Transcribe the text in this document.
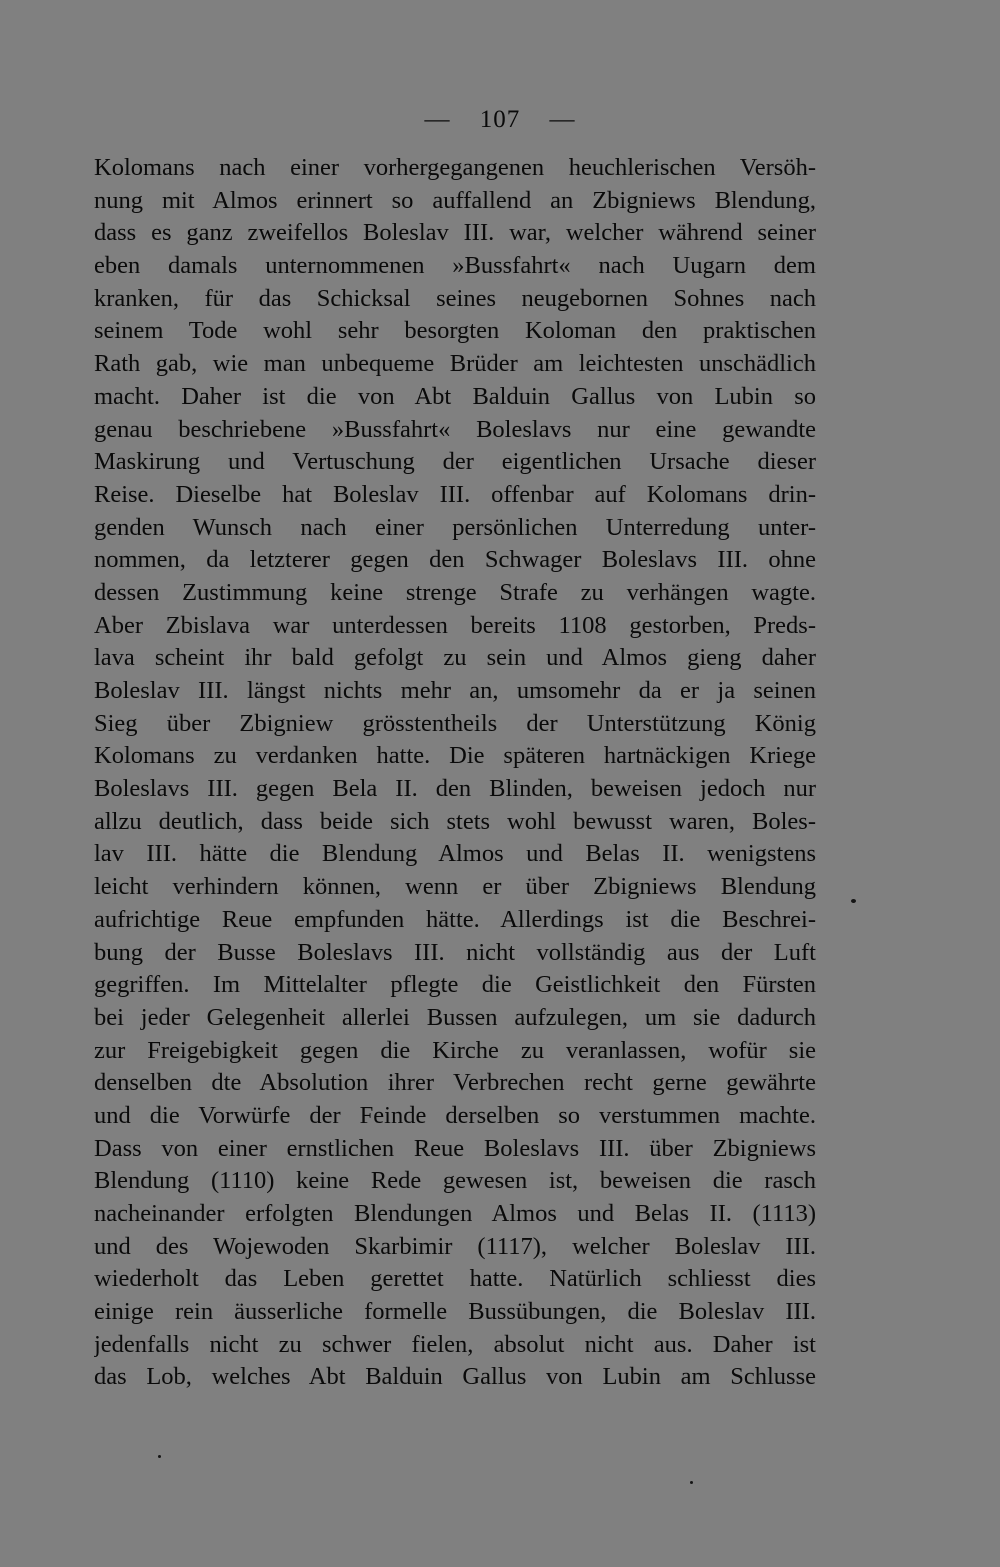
— 107 —
Kolomans nach einer vorhergegangenen heuchlerischen Versöh-
nung mit Almos erinnert so auffallend an Zbigniews Blendung,
dass es ganz zweifellos Boleslav III. war, welcher während seiner
eben damals unternommenen »Bussfahrt« nach Uugarn dem
kranken, für das Schicksal seines neugebornen Sohnes nach
seinem Tode wohl sehr besorgten Koloman den praktischen
Rath gab, wie man unbequeme Brüder am leichtesten unschädlich
macht. Daher ist die von Abt Balduin Gallus von Lubin so
genau beschriebene »Bussfahrt« Boleslavs nur eine gewandte
Maskirung und Vertuschung der eigentlichen Ursache dieser
Reise. Dieselbe hat Boleslav III. offenbar auf Kolomans drin-
genden Wunsch nach einer persönlichen Unterredung unter-
nommen, da letzterer gegen den Schwager Boleslavs III. ohne
dessen Zustimmung keine strenge Strafe zu verhängen wagte.
Aber Zbislava war unterdessen bereits 1108 gestorben, Preds-
lava scheint ihr bald gefolgt zu sein und Almos gieng daher
Boleslav III. längst nichts mehr an, umsomehr da er ja seinen
Sieg über Zbigniew grösstentheils der Unterstützung König
Kolomans zu verdanken hatte. Die späteren hartnäckigen Kriege
Boleslavs III. gegen Bela II. den Blinden, beweisen jedoch nur
allzu deutlich, dass beide sich stets wohl bewusst waren, Boles-
lav III. hätte die Blendung Almos und Belas II. wenigstens
leicht verhindern können, wenn er über Zbigniews Blendung
aufrichtige Reue empfunden hätte. Allerdings ist die Beschrei-
bung der Busse Boleslavs III. nicht vollständig aus der Luft
gegriffen. Im Mittelalter pflegte die Geistlichkeit den Fürsten
bei jeder Gelegenheit allerlei Bussen aufzulegen, um sie dadurch
zur Freigebigkeit gegen die Kirche zu veranlassen, wofür sie
denselben dte Absolution ihrer Verbrechen recht gerne gewährte
und die Vorwürfe der Feinde derselben so verstummen machte.
Dass von einer ernstlichen Reue Boleslavs III. über Zbigniews
Blendung (1110) keine Rede gewesen ist, beweisen die rasch
nacheinander erfolgten Blendungen Almos und Belas II. (1113)
und des Wojewoden Skarbimir (1117), welcher Boleslav III.
wiederholt das Leben gerettet hatte. Natürlich schliesst dies
einige rein äusserliche formelle Bussübungen, die Boleslav III.
jedenfalls nicht zu schwer fielen, absolut nicht aus. Daher ist
das Lob, welches Abt Balduin Gallus von Lubin am Schlusse
